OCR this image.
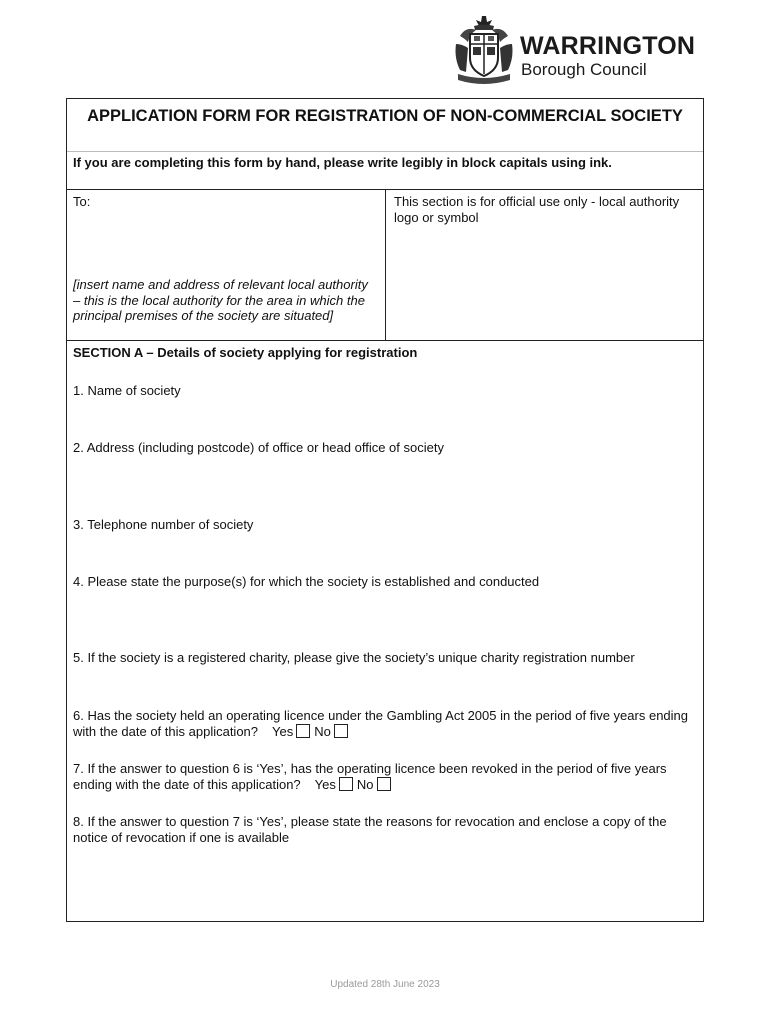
WARRINGTON
Borough Council
APPLICATION FORM FOR REGISTRATION OF NON-COMMERCIAL SOCIETY
If you are completing this form by hand, please write legibly in block capitals using ink.
To:
[insert name and address of relevant local authority – this is the local authority for the area in which the principal premises of the society are situated]
This section is for official use only - local authority logo or symbol
SECTION A – Details of society applying for registration
1. Name of society
2. Address (including postcode) of office or head office of society
3. Telephone number of society
4. Please state the purpose(s) for which the society is established and conducted
5. If the society is a registered charity, please give the society’s unique charity registration number
6. Has the society held an operating licence under the Gambling Act 2005 in the period of five years ending with the date of this application? Yes No
7. If the answer to question 6 is ‘Yes’, has the operating licence been revoked in the period of five years ending with the date of this application? Yes No
8. If the answer to question 7 is ‘Yes’, please state the reasons for revocation and enclose a copy of the notice of revocation if one is available
Updated 28th June 2023
